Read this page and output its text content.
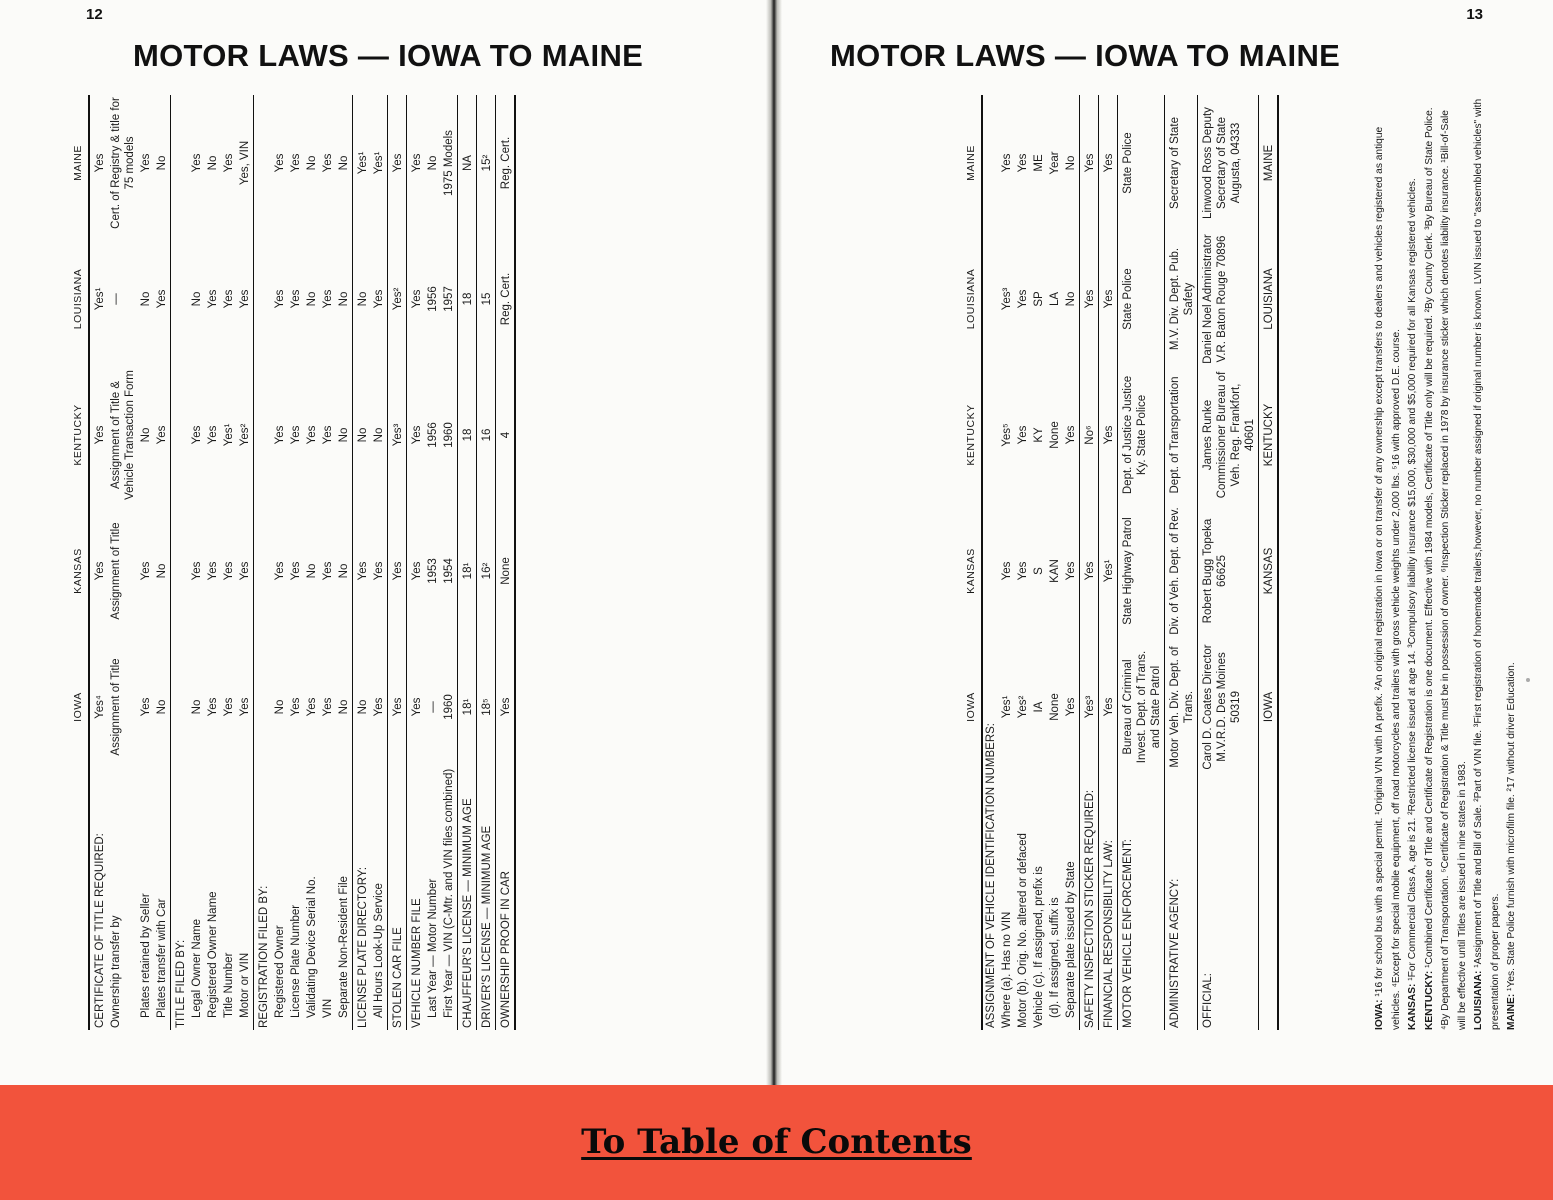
12
MOTOR LAWS — IOWA TO MAINE
	IOWA	KANSAS	KENTUCKY	LOUISIANA	MAINE
CERTIFICATE OF TITLE REQUIRED:	Yes⁴	Yes	Yes	Yes¹	Yes
Ownership transfer by	Assignment of Title	Assignment of Title	Assignment of Title & Vehicle Transaction Form	—	Cert. of Registry & title for 75 models
Plates retained by Seller	Yes	Yes	No	No	Yes
Plates transfer with Car	No	No	Yes	Yes	No
TITLE FILED BY:					
Legal Owner Name	No	Yes	Yes	No	Yes
Registered Owner Name	Yes	Yes	Yes	Yes	No
Title Number	Yes	Yes	Yes¹	Yes	Yes
Motor or VIN	Yes	Yes	Yes²	Yes	Yes, VIN
REGISTRATION FILED BY:					
Registered Owner	No	Yes	Yes	Yes	Yes
License Plate Number	Yes	Yes	Yes	Yes	Yes
Validating Device Serial No.	Yes	No	Yes	No	No
VIN	Yes	Yes	Yes	Yes	Yes
Separate Non-Resident File	No	No	No	No	No
LICENSE PLATE DIRECTORY:	No	Yes	No	No	Yes¹
All Hours Look-Up Service	Yes	Yes	No	Yes	Yes¹
STOLEN CAR FILE	Yes	Yes	Yes³	Yes²	Yes
VEHICLE NUMBER FILE	Yes	Yes	Yes	Yes	Yes
Last Year — Motor Number	—	1953	1956	1956	No
First Year — VIN (C-Mtr. and VIN files combined)	1960	1954	1960	1957	1975 Models
CHAUFFEUR'S LICENSE — MINIMUM AGE	18¹	18¹	18	18	NA
DRIVER'S LICENSE — MINIMUM AGE	18⁵	16²	16	15	15²
OWNERSHIP PROOF IN CAR	Yes	None	4	Reg. Cert.	Reg. Cert.
13
MOTOR LAWS — IOWA TO MAINE
	IOWA	KANSAS	KENTUCKY	LOUISIANA	MAINE
ASSIGNMENT OF VEHICLE IDENTIFICATION NUMBERS:					
Where (a). Has no VIN	Yes¹	Yes	Yes⁵	Yes³	Yes
Motor (b). Orig. No. altered or defaced	Yes²	Yes	Yes	Yes	Yes
Vehicle (c). If assigned, prefix is	IA	S	KY	SP	ME
(d). If assigned, suffix is	None	KAN	None	LA	Year
Separate plate issued by State	Yes	Yes	Yes	No	No
SAFETY INSPECTION STICKER REQUIRED:	Yes³	Yes	No⁶	Yes	Yes
FINANCIAL RESPONSIBILITY LAW:	Yes	Yes¹	Yes	Yes	Yes
MOTOR VEHICLE ENFORCEMENT:	Bureau of Criminal Invest. Dept. of Trans. and State Patrol	State Highway Patrol	Dept. of Justice Justice Ky. State Police	State Police	State Police
ADMINISTRATIVE AGENCY:	Motor Veh. Div. Dept. of Trans.	Div. of Veh. Dept. of Rev.	Dept. of Transportation	M.V. Div. Dept. Pub. Safety	Secretary of State
OFFICIAL:	Carol D. Coates Director M.V.R.D. Des Moines 50319	Robert Bugg Topeka 66625	James Runke Commissioner Bureau of Veh. Reg. Frankfort, 40601	Daniel Noel Administrator V.R. Baton Rouge 70896	Linwood Ross Deputy Secretary of State Augusta, 04333
	IOWA	KANSAS	KENTUCKY	LOUISIANA	MAINE

IOWA: ¹16 for school bus with a special permit. ¹Original VIN with IA prefix. ²An original registration in Iowa or on transfer of any ownership except transfers to dealers and vehicles registered as antique vehicles. ⁴Except for special mobile equipment, off road motorcycles and trailers with gross vehicle weights under 2,000 lbs. ⁵16 with approved D.E. course. KANSAS: ¹For Commercial Class A, age is 21. ²Restricted license issued at age 14. ³Compulsory liability insurance $15,000, $30,000 and $5,000 required for all Kansas registered vehicles.

KENTUCKY: ¹Combined Certificate of Title and Certificate of Registration is one document. Effective with 1984 models, Certificate of Title only will be required. ²By County Clerk. ³By Bureau of State Police. ⁴By Department of Transportation. ⁵Certificate of Registration & Title must be in possession of owner. ⁶Inspection Sticker replaced in 1978 by insurance sticker which denotes liability insurance. ¹Bill-of-Sale will be effective until Titles are issued in nine states in 1983. LOUISIANA: ¹Assignment of Title and Bill of Sale. ²Part of VIN file. ³First registration of homemade trailers,however, no number assigned if original number is known. LVIN issued to "assembled vehicles" with presentation of proper papers. MAINE: ¹Yes. State Police furnish with microfilm file. ²17 without driver Education.

To Table of Contents
